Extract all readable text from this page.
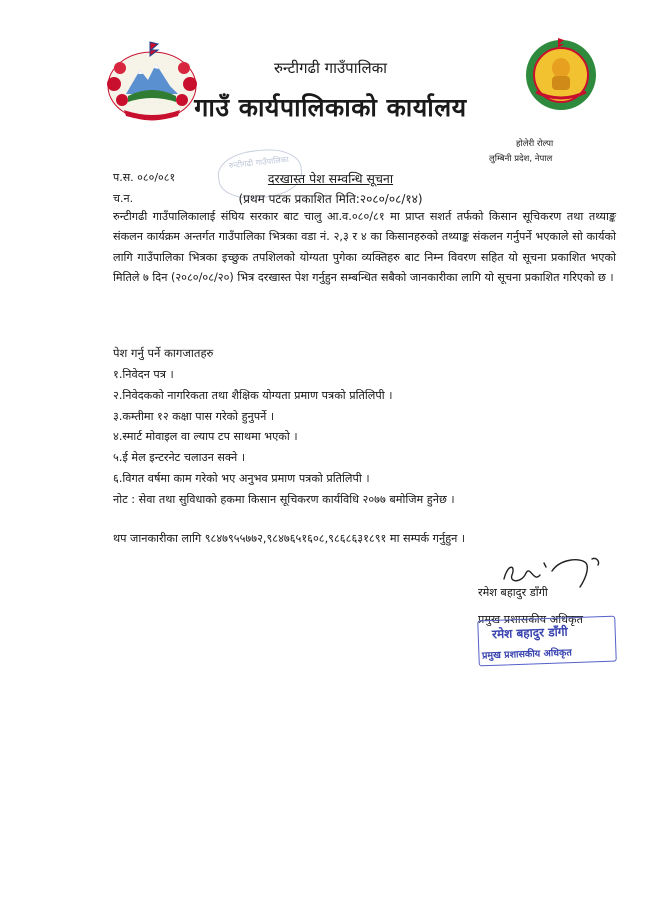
·····
रुन्टीगढी गाउँपालिका
गाउँ कार्यपालिकाको कार्यालय
होलेरी रोल्पा
लुम्बिनी प्रदेश, नेपाल
रुन्टीगढी गाउँपालिका
प.स. ०८०/०८१
च.न.
दरखास्त पेश सम्वन्धि सूचना
(प्रथम पटक प्रकाशित मिति:२०८०/०८/१४)
रुन्टीगढी गाउँपालिकालाई संघिय सरकार बाट चालु आ.व.०८०/८१ मा प्राप्त सशर्त तर्फको किसान सूचिकरण तथा तथ्याङ्क संकलन कार्यक्रम अन्तर्गत गाउँपालिका भित्रका वडा नं. २,३ र ४ का किसानहरुको तथ्याङ्क संकलन गर्नुपर्ने भएकाले सो कार्यको लागि गाउँपालिका भित्रका इच्छुक तपशिलको योग्यता पुगेका व्यक्तिहरु बाट निम्न विवरण सहित यो सूचना प्रकाशित भएको मितिले ७ दिन (२०८०/०८/२०) भित्र दरखास्त पेश गर्नुहुन सम्बन्धित सबैको जानकारीका लागि यो सूचना प्रकाशित गरिएको छ ।
पेश गर्नु पर्ने कागजातहरु
१.निवेदन पत्र ।
२.निवेदकको नागरिकता तथा शैक्षिक योग्यता प्रमाण पत्रको प्रतिलिपी ।
३.कम्तीमा १२ कक्षा पास गरेको हुनुपर्ने ।
४.स्मार्ट मोवाइल वा ल्याप टप साथमा भएको ।
५.ई मेल इन्टरनेट चलाउन सक्ने ।
६.विगत वर्षमा काम गरेको भए अनुभव प्रमाण पत्रको प्रतिलिपी ।
नोट : सेवा तथा सुविधाको हकमा किसान सूचिकरण कार्यविधि २०७७ बमोजिम हुनेछ ।
थप जानकारीका लागि ९८४७९५५७७२,९८४७६५१६०८,९८६८६३१८९१ मा सम्पर्क गर्नुहुन ।
रमेश बहादुर डाँगी
प्रमुख प्रशासकीय अधिकृत
रमेश बहादुर डाँगी
प्रमुख प्रशासकीय अधिकृत
